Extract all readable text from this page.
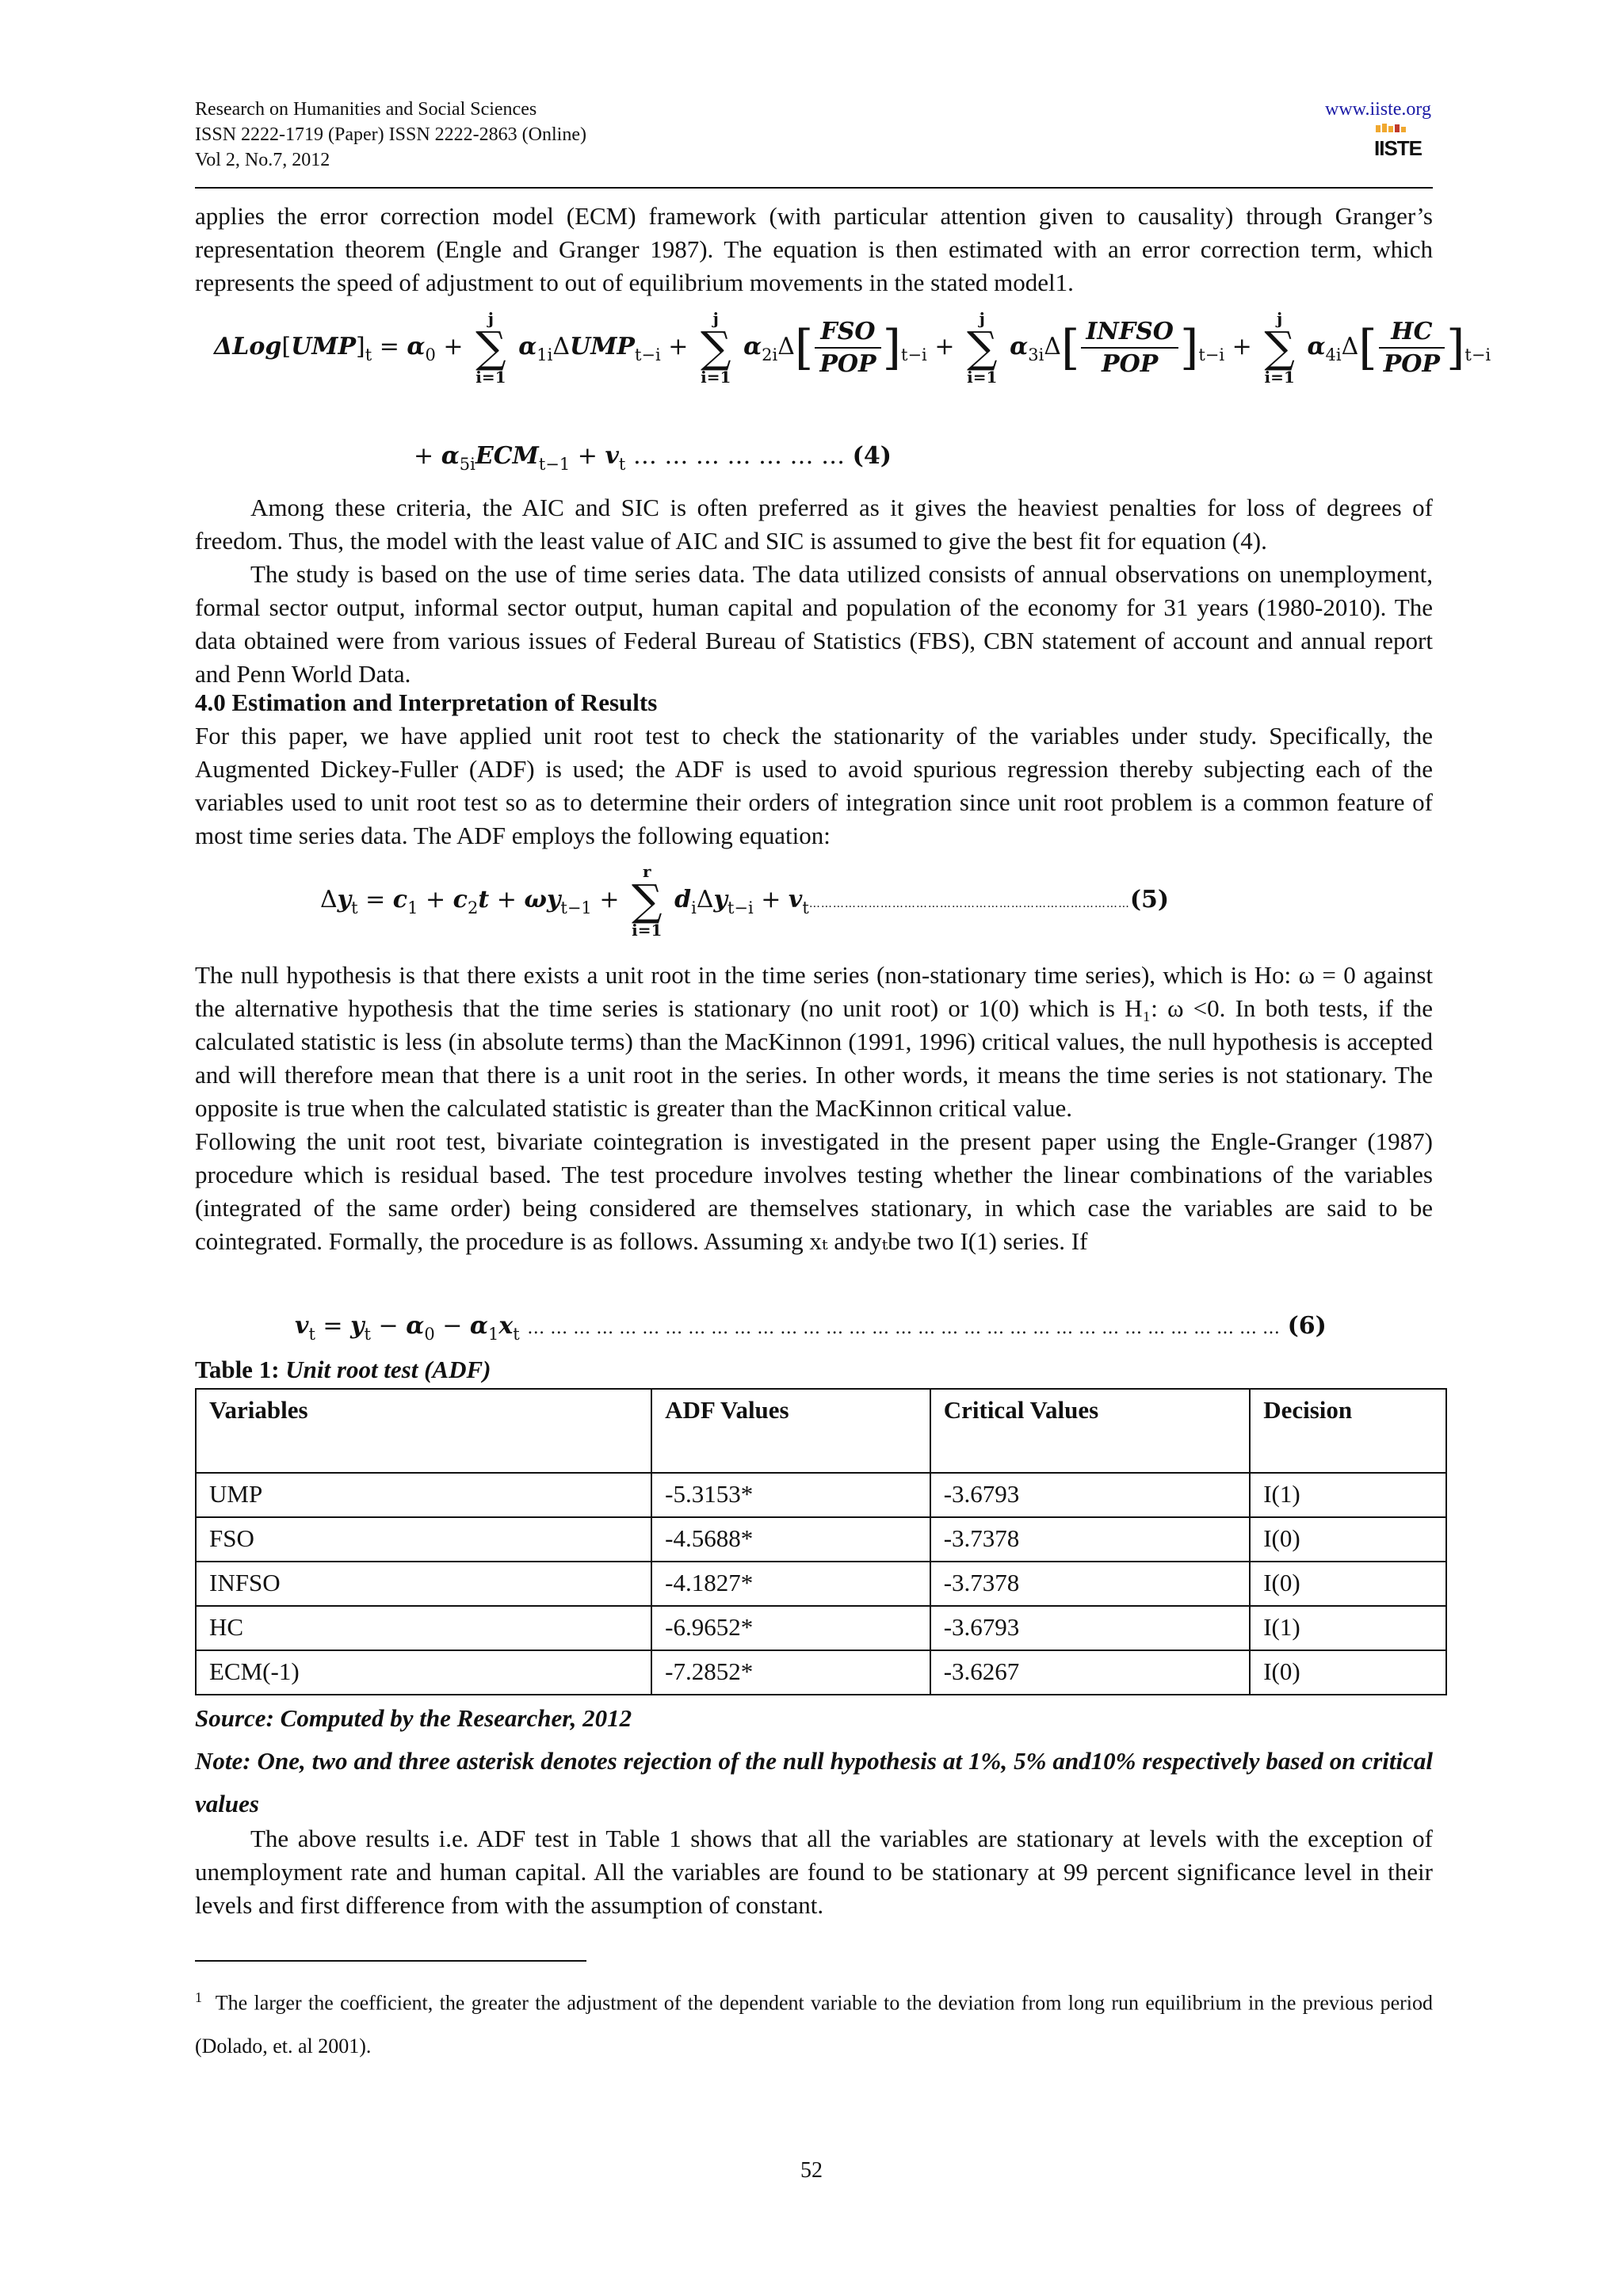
Research on Humanities and Social Sciences
ISSN 2222-1719 (Paper) ISSN 2222-2863 (Online)
Vol 2, No.7, 2012
www.iiste.org
IISTE

applies the error correction model (ECM) framework (with particular attention given to causality) through Granger’s representation theorem (Engle and Granger 1987). The equation is then estimated with an error correction term, which represents the speed of adjustment to out of equilibrium movements in the stated model1.

$\Delta Log[UMP]_t = \alpha_0$ +
j
∑
i=1
$\alpha_{1i}\Delta UMP_{t-i}$ +
j
∑
i=1
$\alpha_{2i}\Delta[ \frac{\text{FSO}}{\text{POP}} ]_{t-i}$ +
j
∑
i=1
$\alpha_{3i}\Delta[ \frac{\text{INFSO}}{\text{POP}} ]_{t-i}$ +
j
∑
i=1
$\alpha_{4i}\Delta[ \frac{HC}{\text{POP}} ]_{t-i}$
+ $\alpha_{5i}ECM_{t-1} + v_t$ … … … … … … … (4)

Among these criteria, the AIC and SIC is often preferred as it gives the heaviest penalties for loss of degrees of freedom. Thus, the model with the least value of AIC and SIC is assumed to give the best fit for equation (4).

The study is based on the use of time series data. The data utilized consists of annual observations on unemployment, formal sector output, informal sector output, human capital and population of the economy for 31 years (1980-2010). The data obtained were from various issues of Federal Bureau of Statistics (FBS), CBN statement of account and annual report and Penn World Data.

4.0 Estimation and Interpretation of Results

For this paper, we have applied unit root test to check the stationarity of the variables under study. Specifically, the Augmented Dickey-Fuller (ADF) is used; the ADF is used to avoid spurious regression thereby subjecting each of the variables used to unit root test so as to determine their orders of integration since unit root problem is a common feature of most time series data. The ADF employs the following equation:

$\Delta y_t = c_1 + c_2t + \omega y_{t-1}$ +
r
∑
i=1
$d_i\Delta y_{t-i}$ + $v_t\dots\dots\dots\dots\dots\dots\dots\dots\dots\dots\dots\dots\dots\dots\dots\dots\dots\dots\dots\dots\dots\dots\dots\dots\dots\dots\dots(5)$

The null hypothesis is that there exists a unit root in the time series (non-stationary time series), which is Ho: ω = 0 against the alternative hypothesis that the time series is stationary (no unit root) or 1(0) which is H₁: ω <0. In both tests, if the calculated statistic is less (in absolute terms) than the MacKinnon (1991, 1996) critical values, the null hypothesis is accepted and will therefore mean that there is a unit root in the series. In other words, it means the time series is not stationary. The opposite is true when the calculated statistic is greater than the MacKinnon critical value.

Following the unit root test, bivariate cointegration is investigated in the present paper using the Engle-Granger (1987) procedure which is residual based. The test procedure involves testing whether the linear combinations of the variables (integrated of the same order) being considered are themselves stationary, in which case the variables are said to be cointegrated. Formally, the procedure is as follows. Assuming xₜ andyₜbe two I(1) series. If

$v_t = y_t - \alpha_0 - \alpha_1x_t$ … … … … … … … … … … … … … … … … … … … … … … … … … … … … … … … … … (6)
Table 1: Unit root test (ADF)
Variables	ADF Values	Critical Values	Decision
UMP	-5.3153*	-3.6793	I(1)
FSO	-4.5688*	-3.7378	I(0)
INFSO	-4.1827*	-3.7378	I(0)
HC	-6.9652*	-3.6793	I(1)
ECM(-1)	-7.2852*	-3.6267	I(0)
Source: Computed by the Researcher, 2012
Note: One, two and three asterisk denotes rejection of the null hypothesis at 1%, 5% and10% respectively based on critical values

The above results i.e. ADF test in Table 1 shows that all the variables are stationary at levels with the exception of unemployment rate and human capital. All the variables are found to be stationary at 99 percent significance level in their levels and first difference from with the assumption of constant.

$^1$ The larger the coefficient, the greater the adjustment of the dependent variable to the deviation from long run equilibrium in the previous period (Dolado, et. al 2001).
52
